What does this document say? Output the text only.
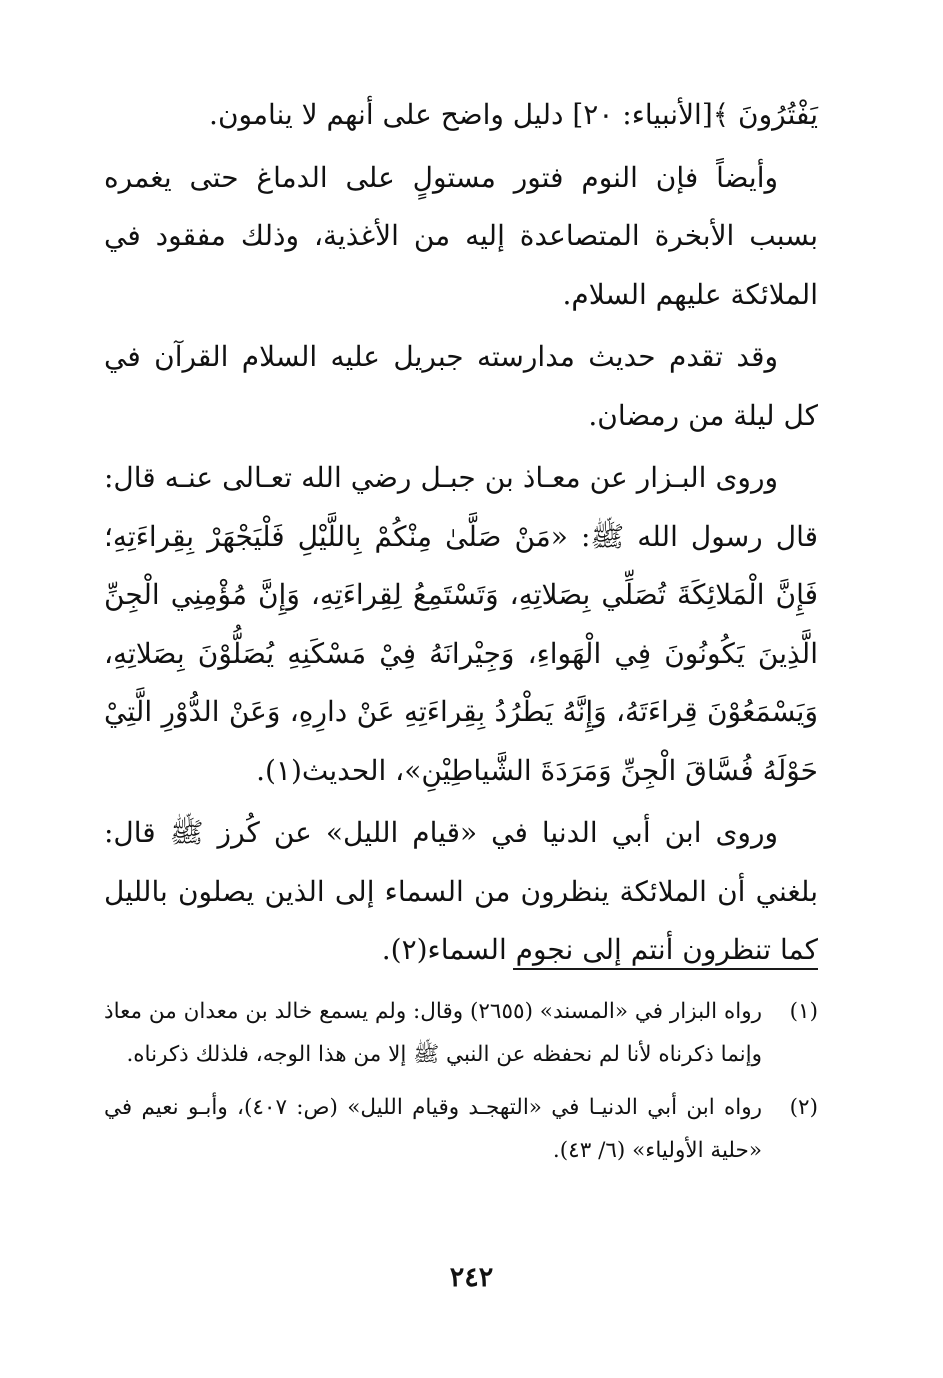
يَفْتُرُونَ ﴾[الأنبياء: ٢٠] دليل واضح على أنهم لا ينامون.

وأيضاً فإن النوم فتور مستولٍ على الدماغ حتى يغمره بسبب الأبخرة المتصاعدة إليه من الأغذية، وذلك مفقود في الملائكة عليهم السلام.

وقد تقدم حديث مدارسته جبريل عليه السلام القرآن في كل ليلة من رمضان.

وروى البـزار عن معـاذ بن جبـل رضي الله تعـالى عنـه قال: قال رسول الله ﷺ: «مَنْ صَلَّىٰ مِنْكُمْ بِاللَّيْلِ فَلْيَجْهَرْ بِقِراءَتِهِ؛ فَإِنَّ الْمَلائِكَةَ تُصَلِّي بِصَلاتِهِ، وَتَسْتَمِعُ لِقِراءَتِهِ، وَإِنَّ مُؤْمِنِي الْجِنِّ الَّذِينَ يَكُونُونَ فِي الْهَواءِ، وَجِيْرانَهُ فِيْ مَسْكَنِهِ يُصَلُّوْنَ بِصَلاتِهِ، وَيَسْمَعُوْنَ قِراءَتَهُ، وَإِنَّهُ يَطْرُدُ بِقِراءَتِهِ عَنْ دارِهِ، وَعَنْ الدُّوْرِ الَّتِيْ حَوْلَهُ فُسَّاقَ الْجِنِّ وَمَرَدَةَ الشَّياطِيْنِ»، الحديث(١).

وروى ابن أبي الدنيا في «قيام الليل» عن كُرز ﷺ قال: بلغني أن الملائكة ينظرون من السماء إلى الذين يصلون بالليل كما تنظرون أنتم إلى نجوم السماء(٢).

(١)
رواه البزار في «المسند» (٢٦٥٥) وقال: ولم يسمع خالد بن معدان من معاذ وإنما ذكرناه لأنا لم نحفظه عن النبي ﷺ إلا من هذا الوجه، فلذلك ذكرناه.
(٢)
رواه ابن أبي الدنيـا في «التهجـد وقيام الليل» (ص: ٤٠٧)، وأبـو نعيم في «حلية الأولياء» (٦/ ٤٣).
٢٤٢
